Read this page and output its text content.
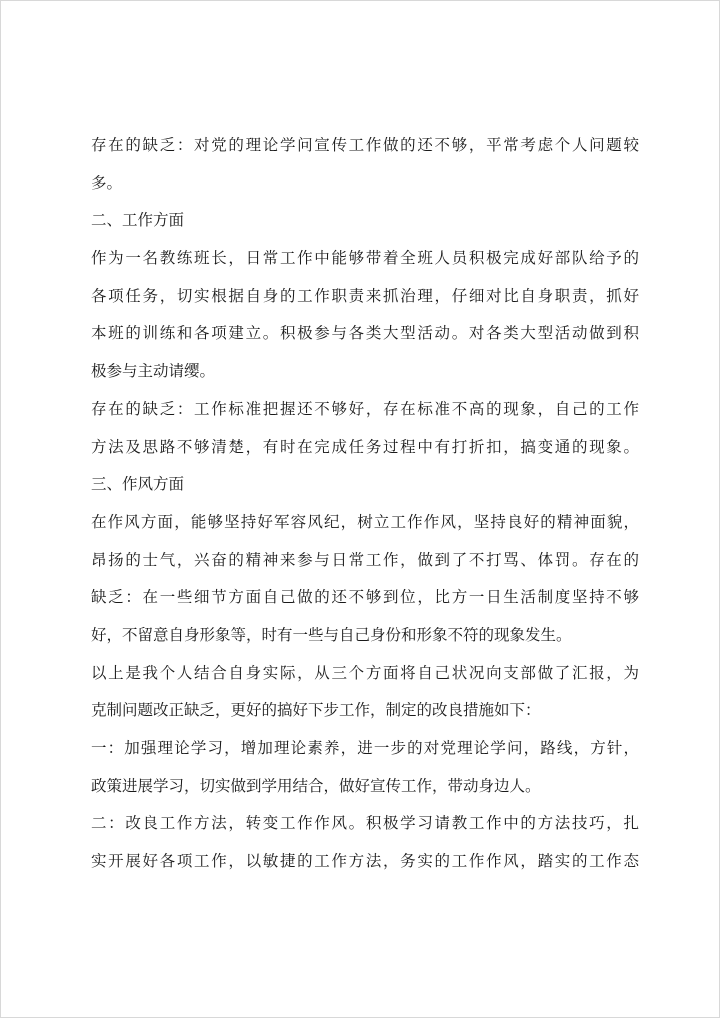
存在的缺乏：对党的理论学问宣传工作做的还不够，平常考虑个人问题较
多。
二、工作方面
作为一名教练班长，日常工作中能够带着全班人员积极完成好部队给予的
各项任务，切实根据自身的工作职责来抓治理，仔细对比自身职责，抓好
本班的训练和各项建立。积极参与各类大型活动。对各类大型活动做到积
极参与主动请缨。
存在的缺乏：工作标准把握还不够好，存在标准不高的现象，自己的工作
方法及思路不够清楚，有时在完成任务过程中有打折扣，搞变通的现象。
三、作风方面
在作风方面，能够坚持好军容风纪，树立工作作风，坚持良好的精神面貌，
昂扬的士气，兴奋的精神来参与日常工作，做到了不打骂、体罚。存在的
缺乏：在一些细节方面自己做的还不够到位，比方一日生活制度坚持不够
好，不留意自身形象等，时有一些与自己身份和形象不符的现象发生。
以上是我个人结合自身实际，从三个方面将自己状况向支部做了汇报，为
克制问题改正缺乏，更好的搞好下步工作，制定的改良措施如下：
一：加强理论学习，增加理论素养，进一步的对党理论学问，路线，方针，
政策进展学习，切实做到学用结合，做好宣传工作，带动身边人。
二：改良工作方法，转变工作作风。积极学习请教工作中的方法技巧，扎
实开展好各项工作，以敏捷的工作方法，务实的工作作风，踏实的工作态
